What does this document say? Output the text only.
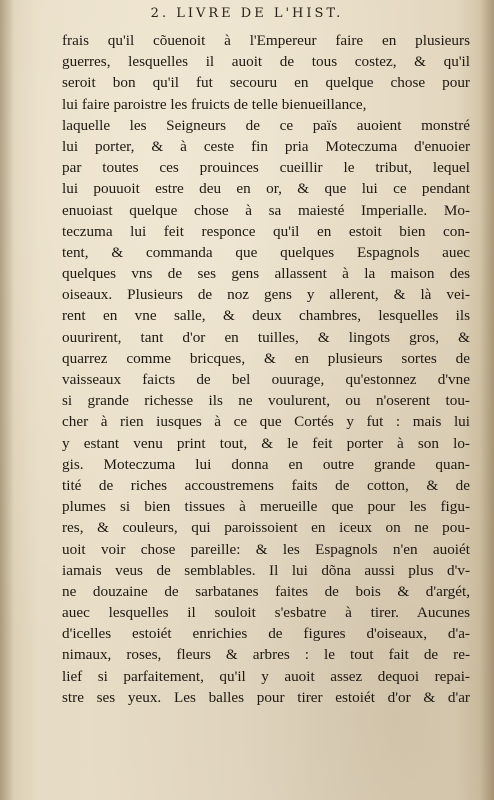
2. LIVRE DE L'HIST.
frais qu'il cõuenoit à l'Empereur faire en plusieurs
guerres, lesquelles il auoit de tous costez, & qu'il
seroit bon qu'il fut secouru en quelque chose pour
lui faire paroistre les fruicts de telle bienueillance,
laquelle les Seigneurs de ce païs auoient monstré
lui porter, & à ceste fin pria Moteczuma d'enuoier
par toutes ces prouinces cueillir le tribut, lequel
lui pouuoit estre deu en or, & que lui ce pendant
enuoiast quelque chose à sa maiesté Imperialle. Mo-
teczuma lui feit responce qu'il en estoit bien con-
tent, & commanda que quelques Espagnols auec
quelques vns de ses gens allassent à la maison des
oiseaux. Plusieurs de noz gens y allerent, & là vei-
rent en vne salle, & deux chambres, lesquelles ils
ouurirent, tant d'or en tuilles, & lingots gros, &
quarrez comme bricques, & en plusieurs sortes de
vaisseaux faicts de bel ouurage, qu'estonnez d'vne
si grande richesse ils ne voulurent, ou n'oserent tou-
cher à rien iusques à ce que Cortés y fut : mais lui
y estant venu print tout, & le feit porter à son lo-
gis. Moteczuma lui donna en outre grande quan-
tité de riches accoustremens faits de cotton, & de
plumes si bien tissues à merueille que pour les figu-
res, & couleurs, qui paroissoient en iceux on ne pou-
uoit voir chose pareille: & les Espagnols n'en auoiét
iamais veus de semblables. Il lui dõna aussi plus d'v-
ne douzaine de sarbatanes faites de bois & d'argét,
auec lesquelles il souloit s'esbatre à tirer. Aucunes
d'icelles estoiét enrichies de figures d'oiseaux, d'a-
nimaux, roses, fleurs & arbres : le tout fait de re-
lief si parfaitement, qu'il y auoit assez dequoi repai-
stre ses yeux. Les balles pour tirer estoiét d'or & d'ar
